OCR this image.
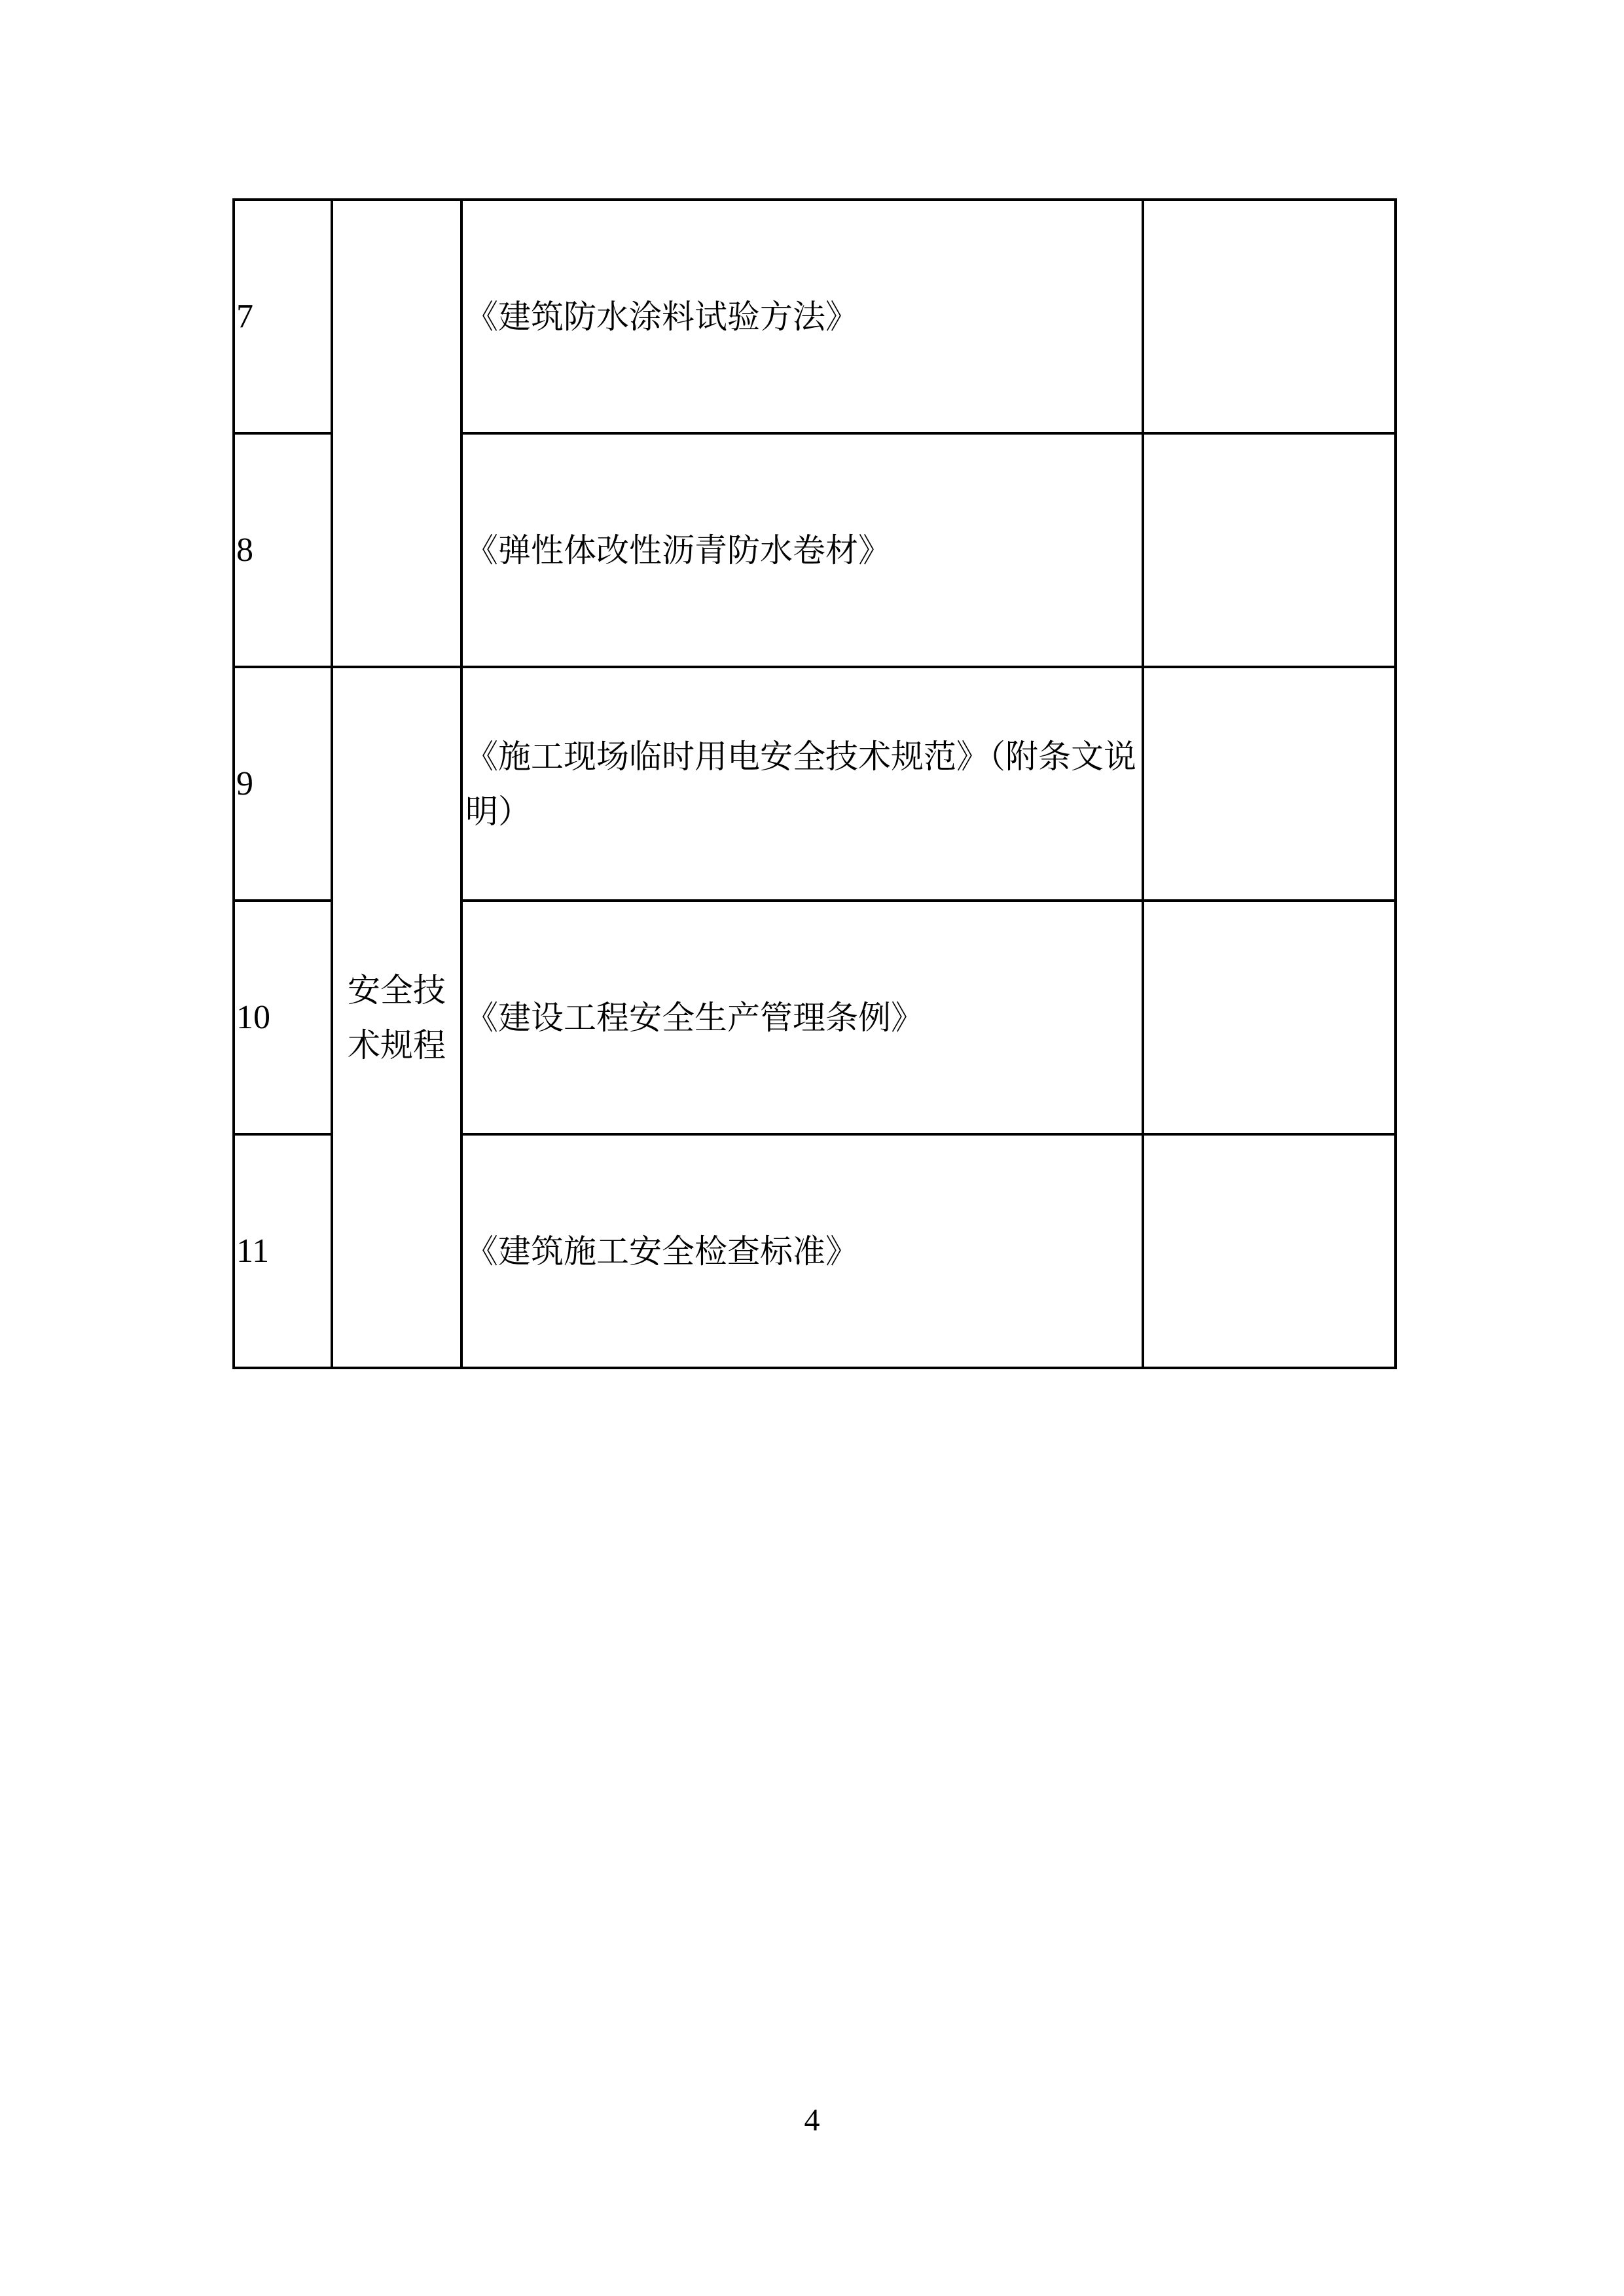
7		《建筑防水涂料试验方法》	
8		《弹性体改性沥青防水卷材》	
9	安全技术规程	《施工现场临时用电安全技术规范》（附条文说明）	
10		《建设工程安全生产管理条例》	
11		《建筑施工安全检查标准》	
4
